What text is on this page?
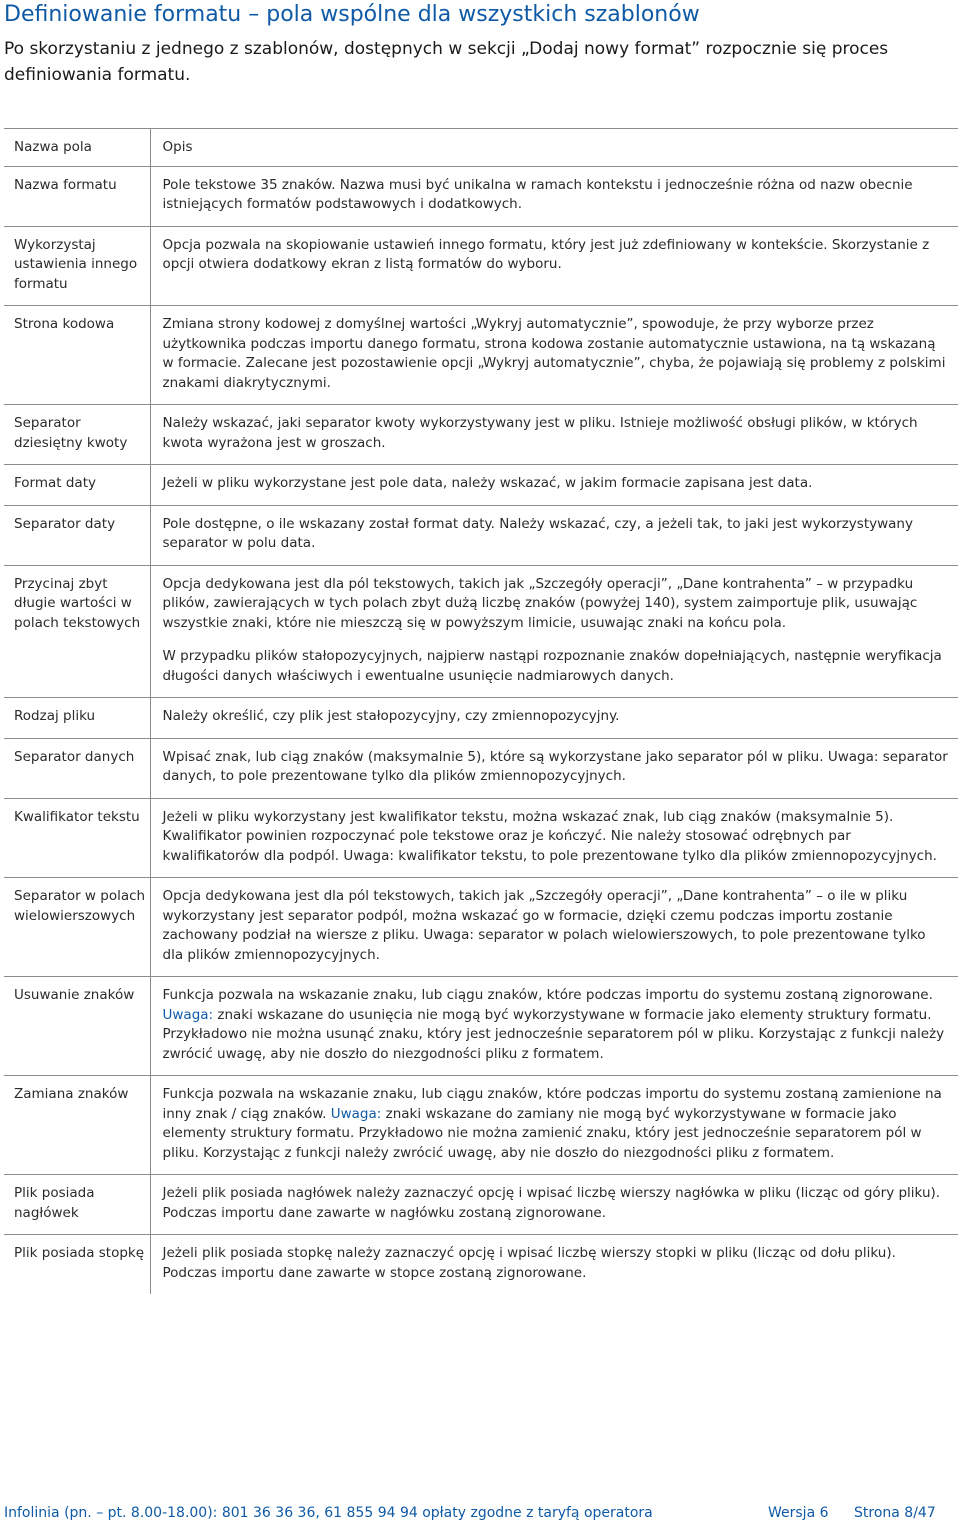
Definiowanie formatu – pola wspólne dla wszystkich szablonów
Po skorzystaniu z jednego z szablonów, dostępnych w sekcji „Dodaj nowy format” rozpocznie się proces definiowania formatu.
Nazwa pola	Opis
Nazwa formatu	Pole tekstowe 35 znaków. Nazwa musi być unikalna w ramach kontekstu i jednocześnie różna od nazw obecnie istniejących formatów podstawowych i dodatkowych.

Wykorzystaj ustawienia innego formatu	Opcja pozwala na skopiowanie ustawień innego formatu, który jest już zdefiniowany w kontekście. Skorzystanie z opcji otwiera dodatkowy ekran z listą formatów do wyboru.

Strona kodowa	Zmiana strony kodowej z domyślnej wartości „Wykryj automatycznie”, spowoduje, że przy wyborze przez użytkownika podczas importu danego formatu, strona kodowa zostanie automatycznie ustawiona, na tą wskazaną w formacie. Zalecane jest pozostawienie opcji „Wykryj automatycznie”, chyba, że pojawiają się problemy z polskimi znakami diakrytycznymi.

Separator dziesiętny kwoty	Należy wskazać, jaki separator kwoty wykorzystywany jest w pliku. Istnieje możliwość obsługi plików, w których kwota wyrażona jest w groszach.

Format daty	Jeżeli w pliku wykorzystane jest pole data, należy wskazać, w jakim formacie zapisana jest data.

Separator daty	Pole dostępne, o ile wskazany został format daty. Należy wskazać, czy, a jeżeli tak, to jaki jest wykorzystywany separator w polu data.

Przycinaj zbyt długie wartości w polach tekstowych	Opcja dedykowana jest dla pól tekstowych, takich jak „Szczegóły operacji”, „Dane kontrahenta” – w przypadku plików, zawierających w tych polach zbyt dużą liczbę znaków (powyżej 140), system zaimportuje plik, usuwając wszystkie znaki, które nie mieszczą się w powyższym limicie, usuwając znaki na końcu pola.

W przypadku plików stałopozycyjnych, najpierw nastąpi rozpoznanie znaków dopełniających, następnie weryfikacja długości danych właściwych i ewentualne usunięcie nadmiarowych danych.

Rodzaj pliku	Należy określić, czy plik jest stałopozycyjny, czy zmiennopozycyjny.

Separator danych	Wpisać znak, lub ciąg znaków (maksymalnie 5), które są wykorzystane jako separator pól w pliku. Uwaga: separator danych, to pole prezentowane tylko dla plików zmiennopozycyjnych.

Kwalifikator tekstu	Jeżeli w pliku wykorzystany jest kwalifikator tekstu, można wskazać znak, lub ciąg znaków (maksymalnie 5). Kwalifikator powinien rozpoczynać pole tekstowe oraz je kończyć. Nie należy stosować odrębnych par kwalifikatorów dla podpól. Uwaga: kwalifikator tekstu, to pole prezentowane tylko dla plików zmiennopozycyjnych.

Separator w polach wielowierszowych	Opcja dedykowana jest dla pól tekstowych, takich jak „Szczegóły operacji”, „Dane kontrahenta” – o ile w pliku wykorzystany jest separator podpól, można wskazać go w formacie, dzięki czemu podczas importu zostanie zachowany podział na wiersze z pliku. Uwaga: separator w polach wielowierszowych, to pole prezentowane tylko dla plików zmiennopozycyjnych.

Usuwanie znaków	Funkcja pozwala na wskazanie znaku, lub ciągu znaków, które podczas importu do systemu zostaną zignorowane. Uwaga: znaki wskazane do usunięcia nie mogą być wykorzystywane w formacie jako elementy struktury formatu. Przykładowo nie można usunąć znaku, który jest jednocześnie separatorem pól w pliku. Korzystając z funkcji należy zwrócić uwagę, aby nie doszło do niezgodności pliku z formatem.

Zamiana znaków	Funkcja pozwala na wskazanie znaku, lub ciągu znaków, które podczas importu do systemu zostaną zamienione na inny znak / ciąg znaków. Uwaga: znaki wskazane do zamiany nie mogą być wykorzystywane w formacie jako elementy struktury formatu. Przykładowo nie można zamienić znaku, który jest jednocześnie separatorem pól w pliku. Korzystając z funkcji należy zwrócić uwagę, aby nie doszło do niezgodności pliku z formatem.

Plik posiada nagłówek	Jeżeli plik posiada nagłówek należy zaznaczyć opcję i wpisać liczbę wierszy nagłówka w pliku (licząc od góry pliku). Podczas importu dane zawarte w nagłówku zostaną zignorowane.

Plik posiada stopkę	Jeżeli plik posiada stopkę należy zaznaczyć opcję i wpisać liczbę wierszy stopki w pliku (licząc od dołu pliku). Podczas importu dane zawarte w stopce zostaną zignorowane.

Infolinia (pn. – pt. 8.00-18.00): 801 36 36 36, 61 855 94 94 opłaty zgodne z taryfą operatora	Wersja 6 Strona 8/47
